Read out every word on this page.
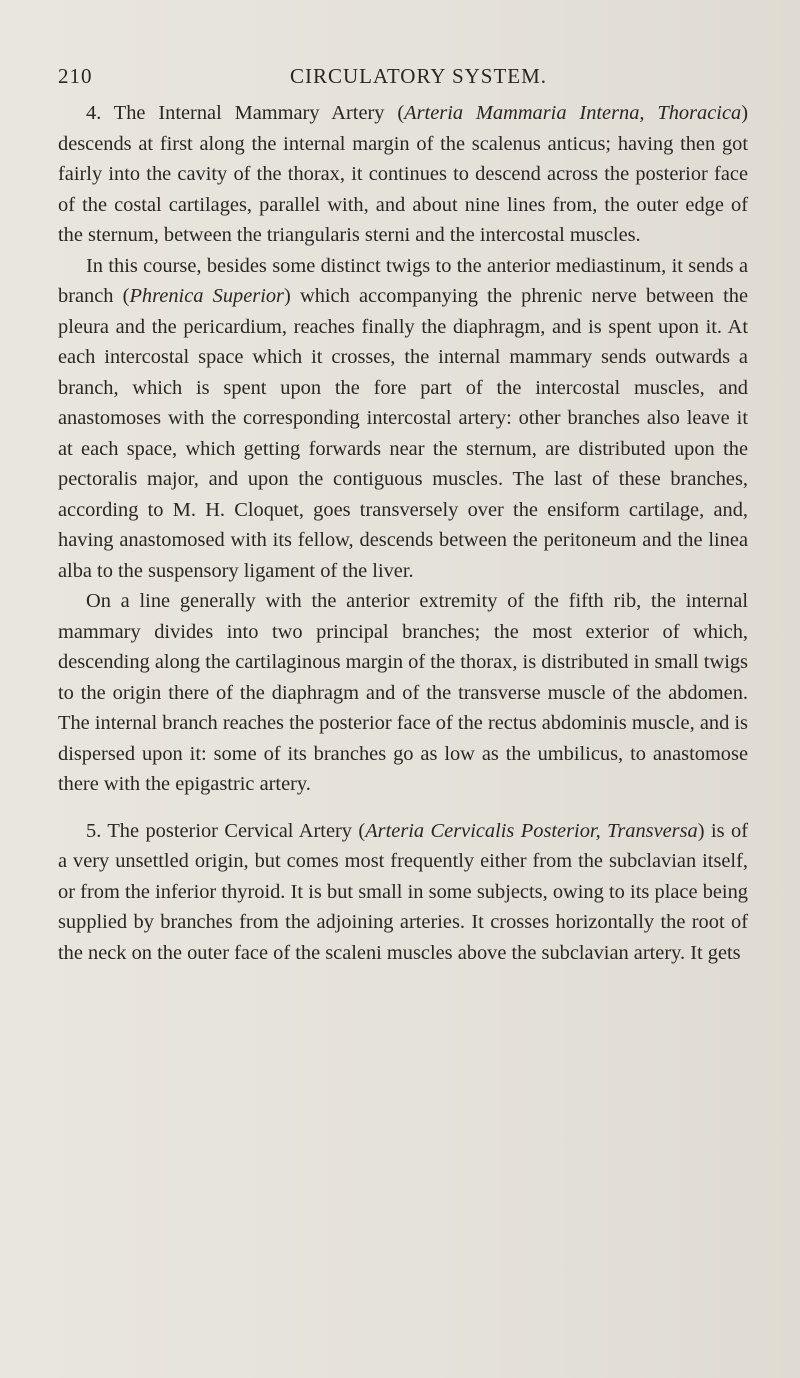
210	CIRCULATORY SYSTEM.

4. The Internal Mammary Artery (Arteria Mammaria Interna, Thoracica) descends at first along the internal margin of the scalenus anticus; having then got fairly into the cavity of the thorax, it continues to descend across the posterior face of the costal cartilages, parallel with, and about nine lines from, the outer edge of the sternum, between the triangularis sterni and the intercostal muscles.

In this course, besides some distinct twigs to the anterior mediastinum, it sends a branch (Phrenica Superior) which accompanying the phrenic nerve between the pleura and the pericardium, reaches finally the diaphragm, and is spent upon it. At each intercostal space which it crosses, the internal mammary sends outwards a branch, which is spent upon the fore part of the intercostal muscles, and anastomoses with the corresponding intercostal artery: other branches also leave it at each space, which getting forwards near the sternum, are distributed upon the pectoralis major, and upon the contiguous muscles. The last of these branches, according to M. H. Cloquet, goes transversely over the ensiform cartilage, and, having anastomosed with its fellow, descends between the peritoneum and the linea alba to the suspensory ligament of the liver.

On a line generally with the anterior extremity of the fifth rib, the internal mammary divides into two principal branches; the most exterior of which, descending along the cartilaginous margin of the thorax, is distributed in small twigs to the origin there of the diaphragm and of the transverse muscle of the abdomen. The internal branch reaches the posterior face of the rectus abdominis muscle, and is dispersed upon it: some of its branches go as low as the umbilicus, to anastomose there with the epigastric artery.

5. The posterior Cervical Artery (Arteria Cervicalis Posterior, Transversa) is of a very unsettled origin, but comes most frequently either from the subclavian itself, or from the inferior thyroid. It is but small in some subjects, owing to its place being supplied by branches from the adjoining arteries. It crosses horizontally the root of the neck on the outer face of the scaleni muscles above the subclavian artery. It gets
